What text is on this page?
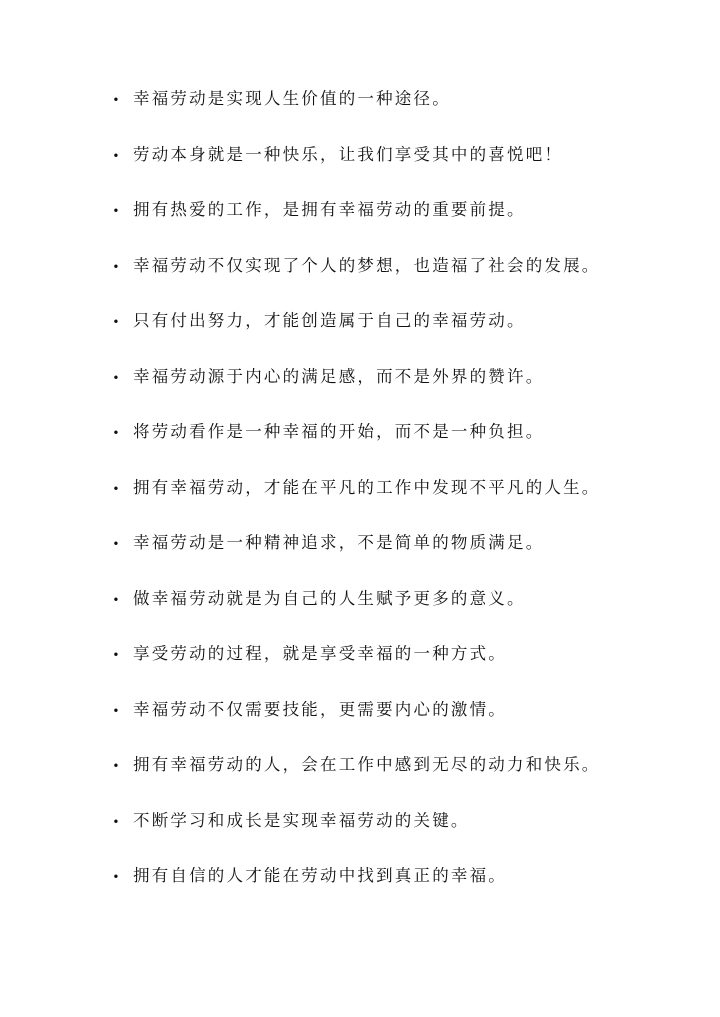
• 幸福劳动是实现人生价值的一种途径。
• 劳动本身就是一种快乐，让我们享受其中的喜悦吧！
• 拥有热爱的工作，是拥有幸福劳动的重要前提。
• 幸福劳动不仅实现了个人的梦想，也造福了社会的发展。
• 只有付出努力，才能创造属于自己的幸福劳动。
• 幸福劳动源于内心的满足感，而不是外界的赞许。
• 将劳动看作是一种幸福的开始，而不是一种负担。
• 拥有幸福劳动，才能在平凡的工作中发现不平凡的人生。
• 幸福劳动是一种精神追求，不是简单的物质满足。
• 做幸福劳动就是为自己的人生赋予更多的意义。
• 享受劳动的过程，就是享受幸福的一种方式。
• 幸福劳动不仅需要技能，更需要内心的激情。
• 拥有幸福劳动的人，会在工作中感到无尽的动力和快乐。
• 不断学习和成长是实现幸福劳动的关键。
• 拥有自信的人才能在劳动中找到真正的幸福。
